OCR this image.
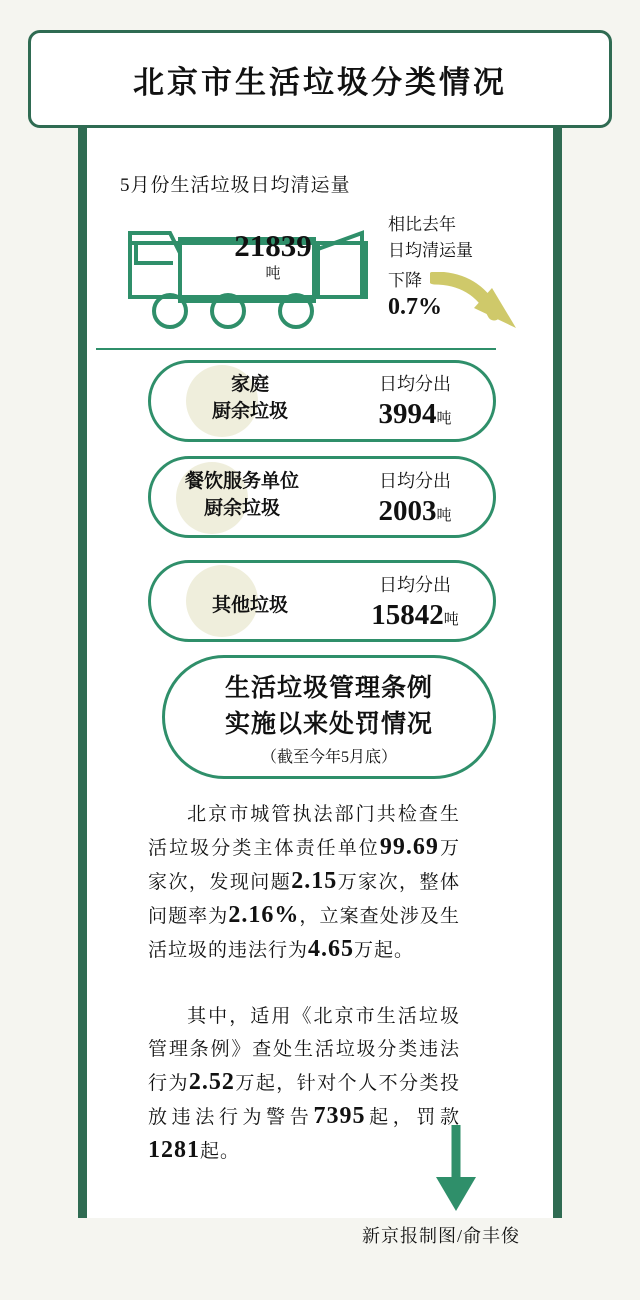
北京市生活垃圾分类情况
5月份生活垃圾日均清运量
21839
吨
相比去年
日均清运量
下降
0.7%
家庭
厨余垃圾
日均分出
3994吨
餐饮服务单位
厨余垃圾
日均分出
2003吨
其他垃圾
日均分出
15842吨
生活垃圾管理条例
实施以来处罚情况
（截至今年5月底）
北京市城管执法部门共检查生活垃圾分类主体责任单位99.69万家次，发现问题2.15万家次，整体问题率为2.16%，立案查处涉及生活垃圾的违法行为4.65万起。
其中，适用《北京市生活垃圾管理条例》查处生活垃圾分类违法行为2.52万起，针对个人不分类投放违法行为警告7395起，罚款1281起。
新京报制图/俞丰俊
